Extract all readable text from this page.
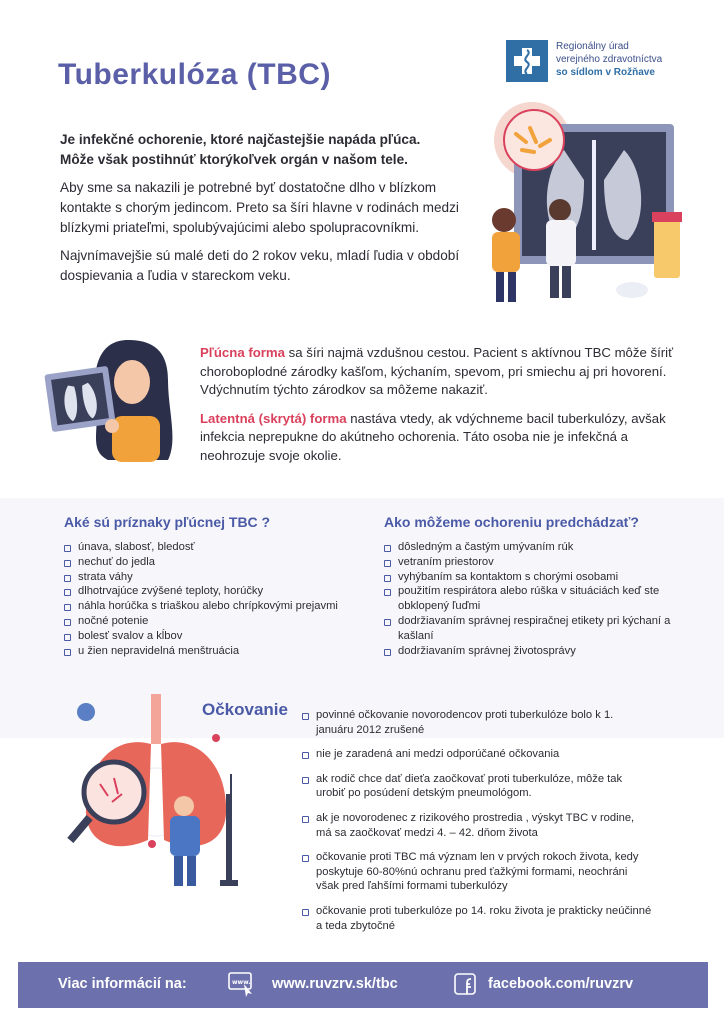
Tuberkulóza (TBC)
Regionálny úrad
verejného zdravotníctva
so sídlom v Rožňave

Je infekčné ochorenie, ktoré najčastejšie napáda pľúca.
Môže však postihnúť ktorýkoľvek orgán v našom tele.

Aby sme sa nakazili je potrebné byť dostatočne dlho v blízkom kontakte s chorým jedincom. Preto sa šíri hlavne v rodinách medzi blízkymi priateľmi, spolubývajúcimi alebo spolupracovníkmi.

Najvnímavejšie sú malé deti do 2 rokov veku, mladí ľudia v období dospievania a ľudia v stareckom veku.

Pľúcna forma sa šíri najmä vzdušnou cestou. Pacient s aktívnou TBC môže šíriť choroboplodné zárodky kašľom, kýchaním, spevom, pri smiechu aj pri hovorení. Vdýchnutím týchto zárodkov sa môžeme nakaziť.

Latentná (skrytá) forma nastáva vtedy, ak vdýchneme bacil tuberkulózy, avšak infekcia neprepukne do akútneho ochorenia. Táto osoba nie je infekčná a neohrozuje svoje okolie.

Aké sú príznaky pľúcnej TBC ?
únava, slabosť, bledosť
nechuť do jedla
strata váhy
dlhotrvajúce zvýšené teploty, horúčky
náhla horúčka s triaškou alebo chrípkovými prejavmi
nočné potenie
bolesť svalov a kĺbov
u žien nepravidelná menštruácia
Ako môžeme ochoreniu predchádzať?
dôsledným a častým umývaním rúk
vetraním priestorov
vyhýbaním sa kontaktom s chorými osobami
použitím respirátora alebo rúška v situáciách keď ste obklopený ľuďmi
dodržiavaním správnej respiračnej etikety pri kýchaní a kašlaní
dodržiavaním správnej životosprávy
Očkovanie	povinné očkovanie novorodencov proti tuberkulóze bolo k 1. januáru 2012 zrušené
nie je zaradená ani medzi odporúčané očkovania
ak rodič chce dať dieťa zaočkovať proti tuberkulóze, môže tak urobiť po posúdení detským pneumológom.
ak je novorodenec z rizikového prostredia , výskyt TBC v rodine, má sa zaočkovať medzi 4. – 42. dňom života
očkovanie proti TBC má význam len v prvých rokoch života, kedy poskytuje 60-80%nú ochranu pred ťažkými formami, neochráni však pred ľahšími formami tuberkulózy
očkovanie proti tuberkulóze po 14. roku života je prakticky neúčinné a teda zbytočné
Viac informácií na:	www. www.ruvzrv.sk/tbc	facebook.com/ruvzrv
